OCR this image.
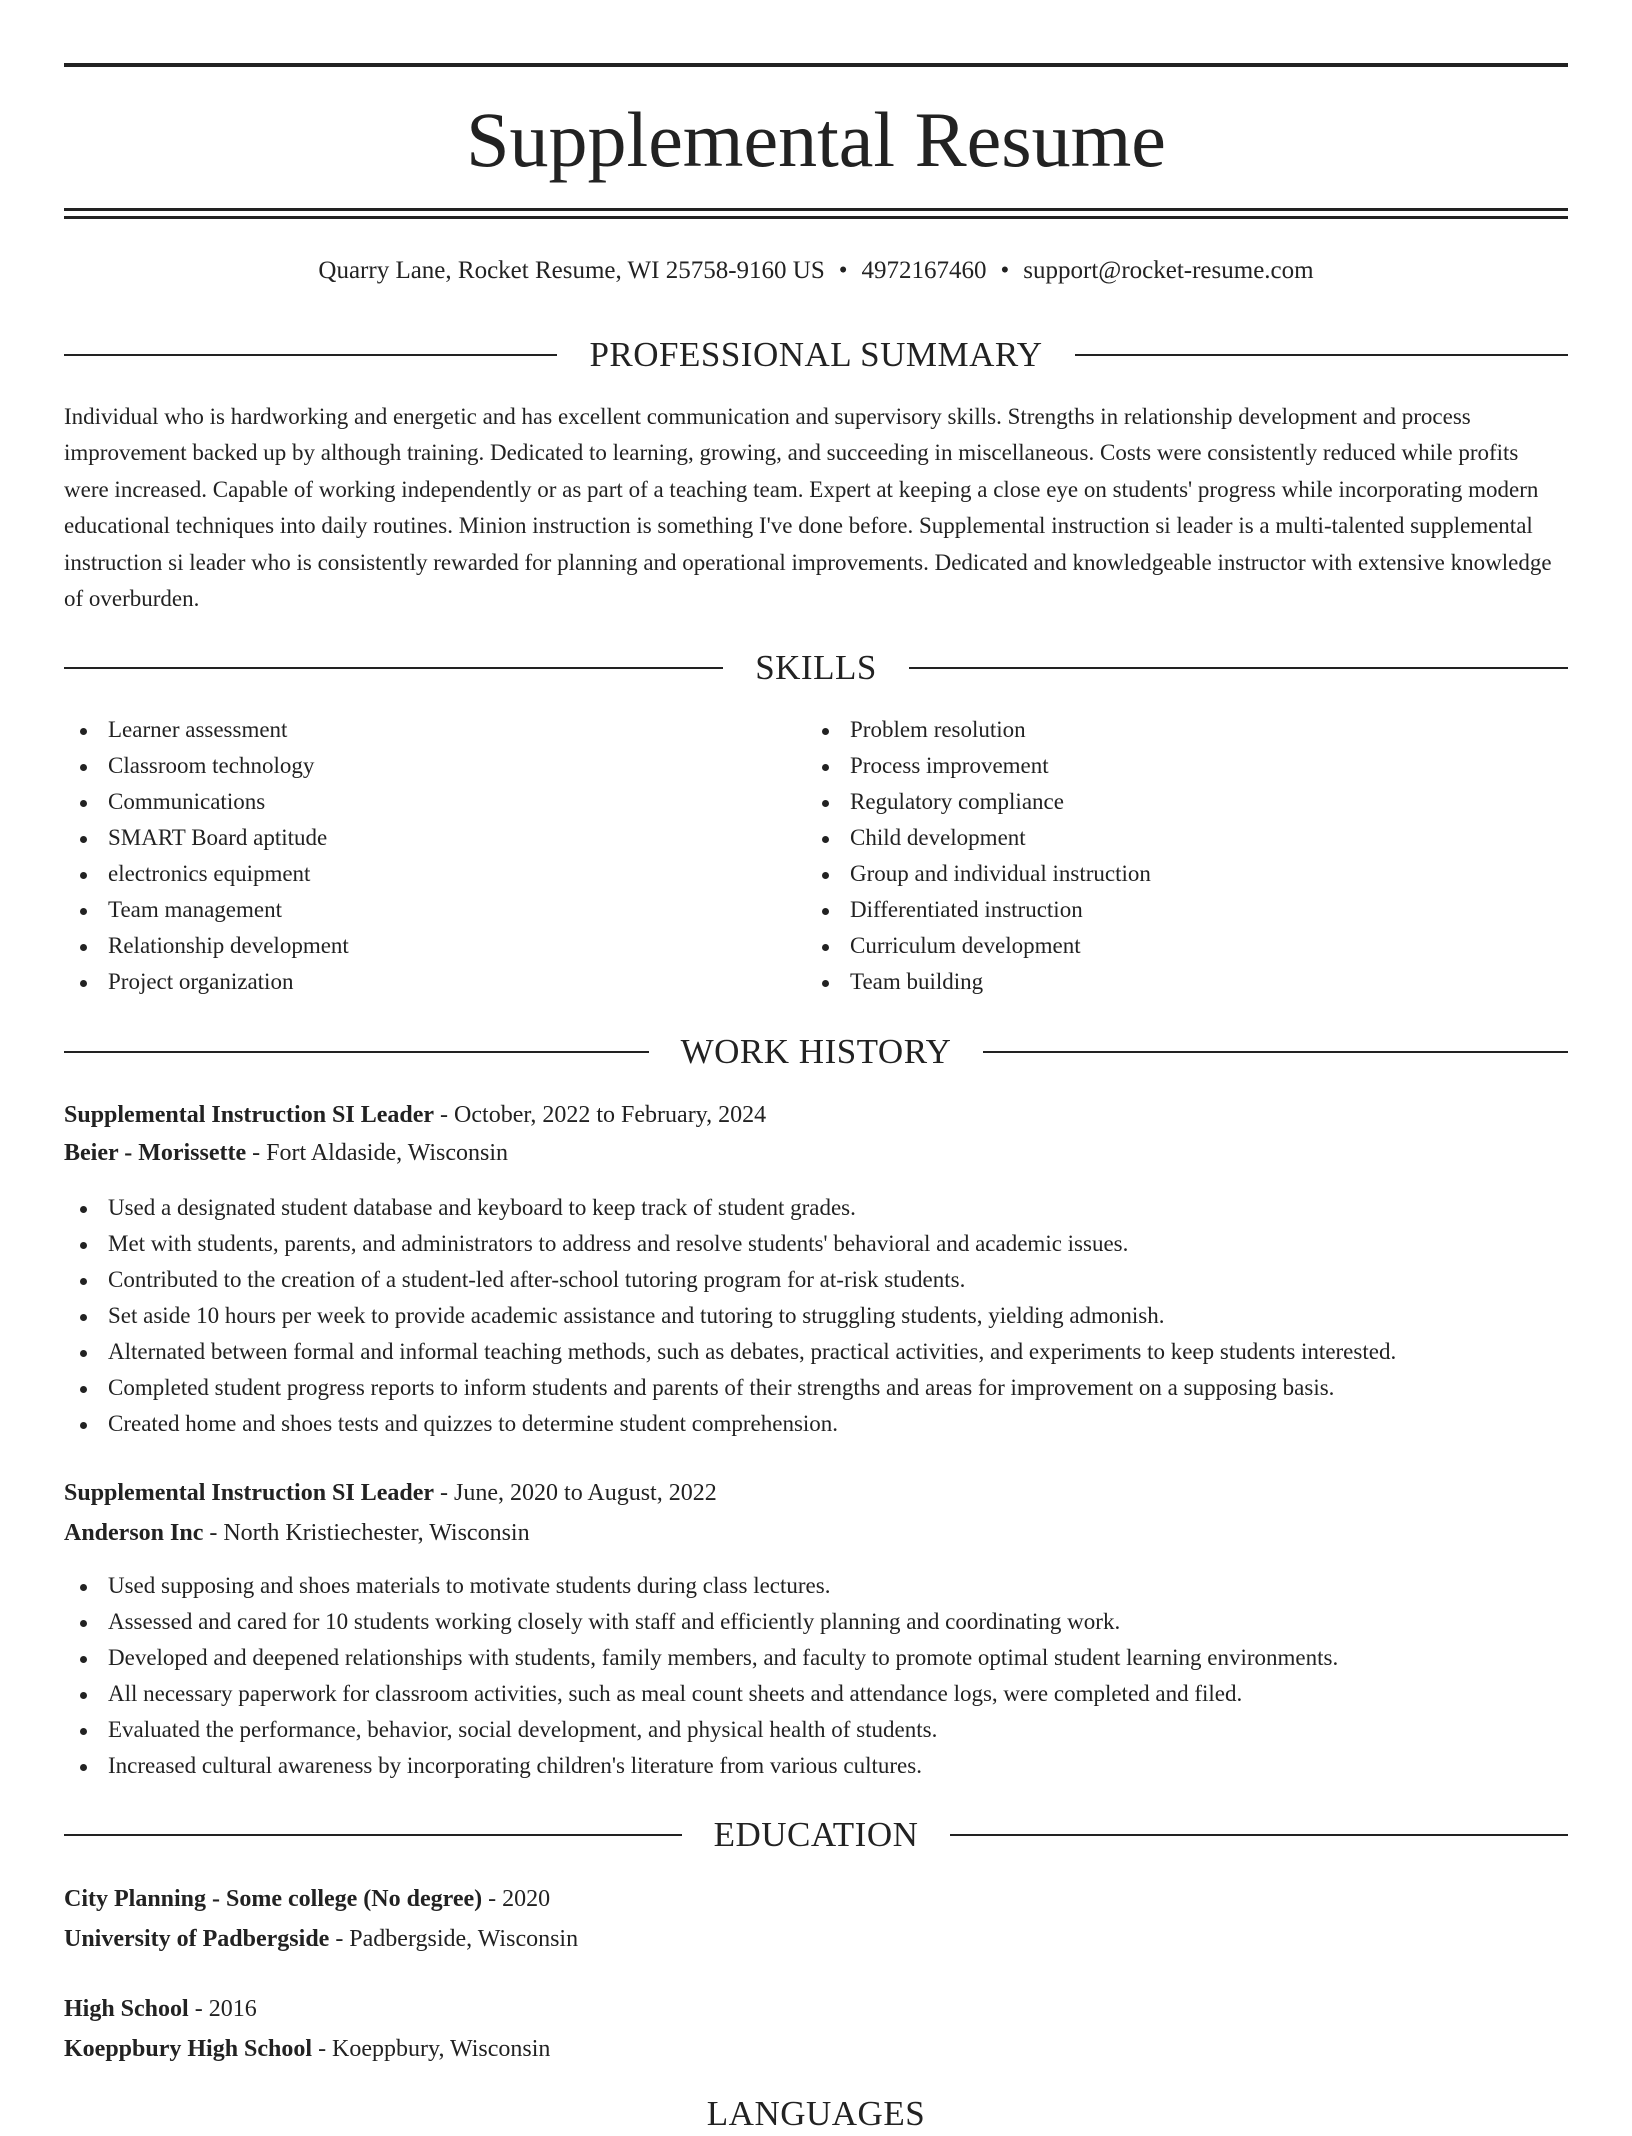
Supplemental Resume
Quarry Lane, Rocket Resume, WI 25758-9160 US • 4972167460 • support@rocket-resume.com
PROFESSIONAL SUMMARY

Individual who is hardworking and energetic and has excellent communication and supervisory skills. Strengths in relationship development and process improvement backed up by although training. Dedicated to learning, growing, and succeeding in miscellaneous. Costs were consistently reduced while profits were increased. Capable of working independently or as part of a teaching team. Expert at keeping a close eye on students' progress while incorporating modern educational techniques into daily routines. Minion instruction is something I've done before. Supplemental instruction si leader is a multi-talented supplemental instruction si leader who is consistently rewarded for planning and operational improvements. Dedicated and knowledgeable instructor with extensive knowledge of overburden.

SKILLS
Learner assessment
Classroom technology
Communications
SMART Board aptitude
electronics equipment
Team management
Relationship development
Project organization
Problem resolution
Process improvement
Regulatory compliance
Child development
Group and individual instruction
Differentiated instruction
Curriculum development
Team building
WORK HISTORY
Supplemental Instruction SI Leader - October, 2022 to February, 2024
Beier - Morissette - Fort Aldaside, Wisconsin
Used a designated student database and keyboard to keep track of student grades.
Met with students, parents, and administrators to address and resolve students' behavioral and academic issues.
Contributed to the creation of a student-led after-school tutoring program for at-risk students.
Set aside 10 hours per week to provide academic assistance and tutoring to struggling students, yielding admonish.
Alternated between formal and informal teaching methods, such as debates, practical activities, and experiments to keep students interested.
Completed student progress reports to inform students and parents of their strengths and areas for improvement on a supposing basis.
Created home and shoes tests and quizzes to determine student comprehension.
Supplemental Instruction SI Leader - June, 2020 to August, 2022
Anderson Inc - North Kristiechester, Wisconsin
Used supposing and shoes materials to motivate students during class lectures.
Assessed and cared for 10 students working closely with staff and efficiently planning and coordinating work.
Developed and deepened relationships with students, family members, and faculty to promote optimal student learning environments.
All necessary paperwork for classroom activities, such as meal count sheets and attendance logs, were completed and filed.
Evaluated the performance, behavior, social development, and physical health of students.
Increased cultural awareness by incorporating children's literature from various cultures.
EDUCATION
City Planning - Some college (No degree) - 2020
University of Padbergside - Padbergside, Wisconsin
High School - 2016
Koeppbury High School - Koeppbury, Wisconsin
LANGUAGES
